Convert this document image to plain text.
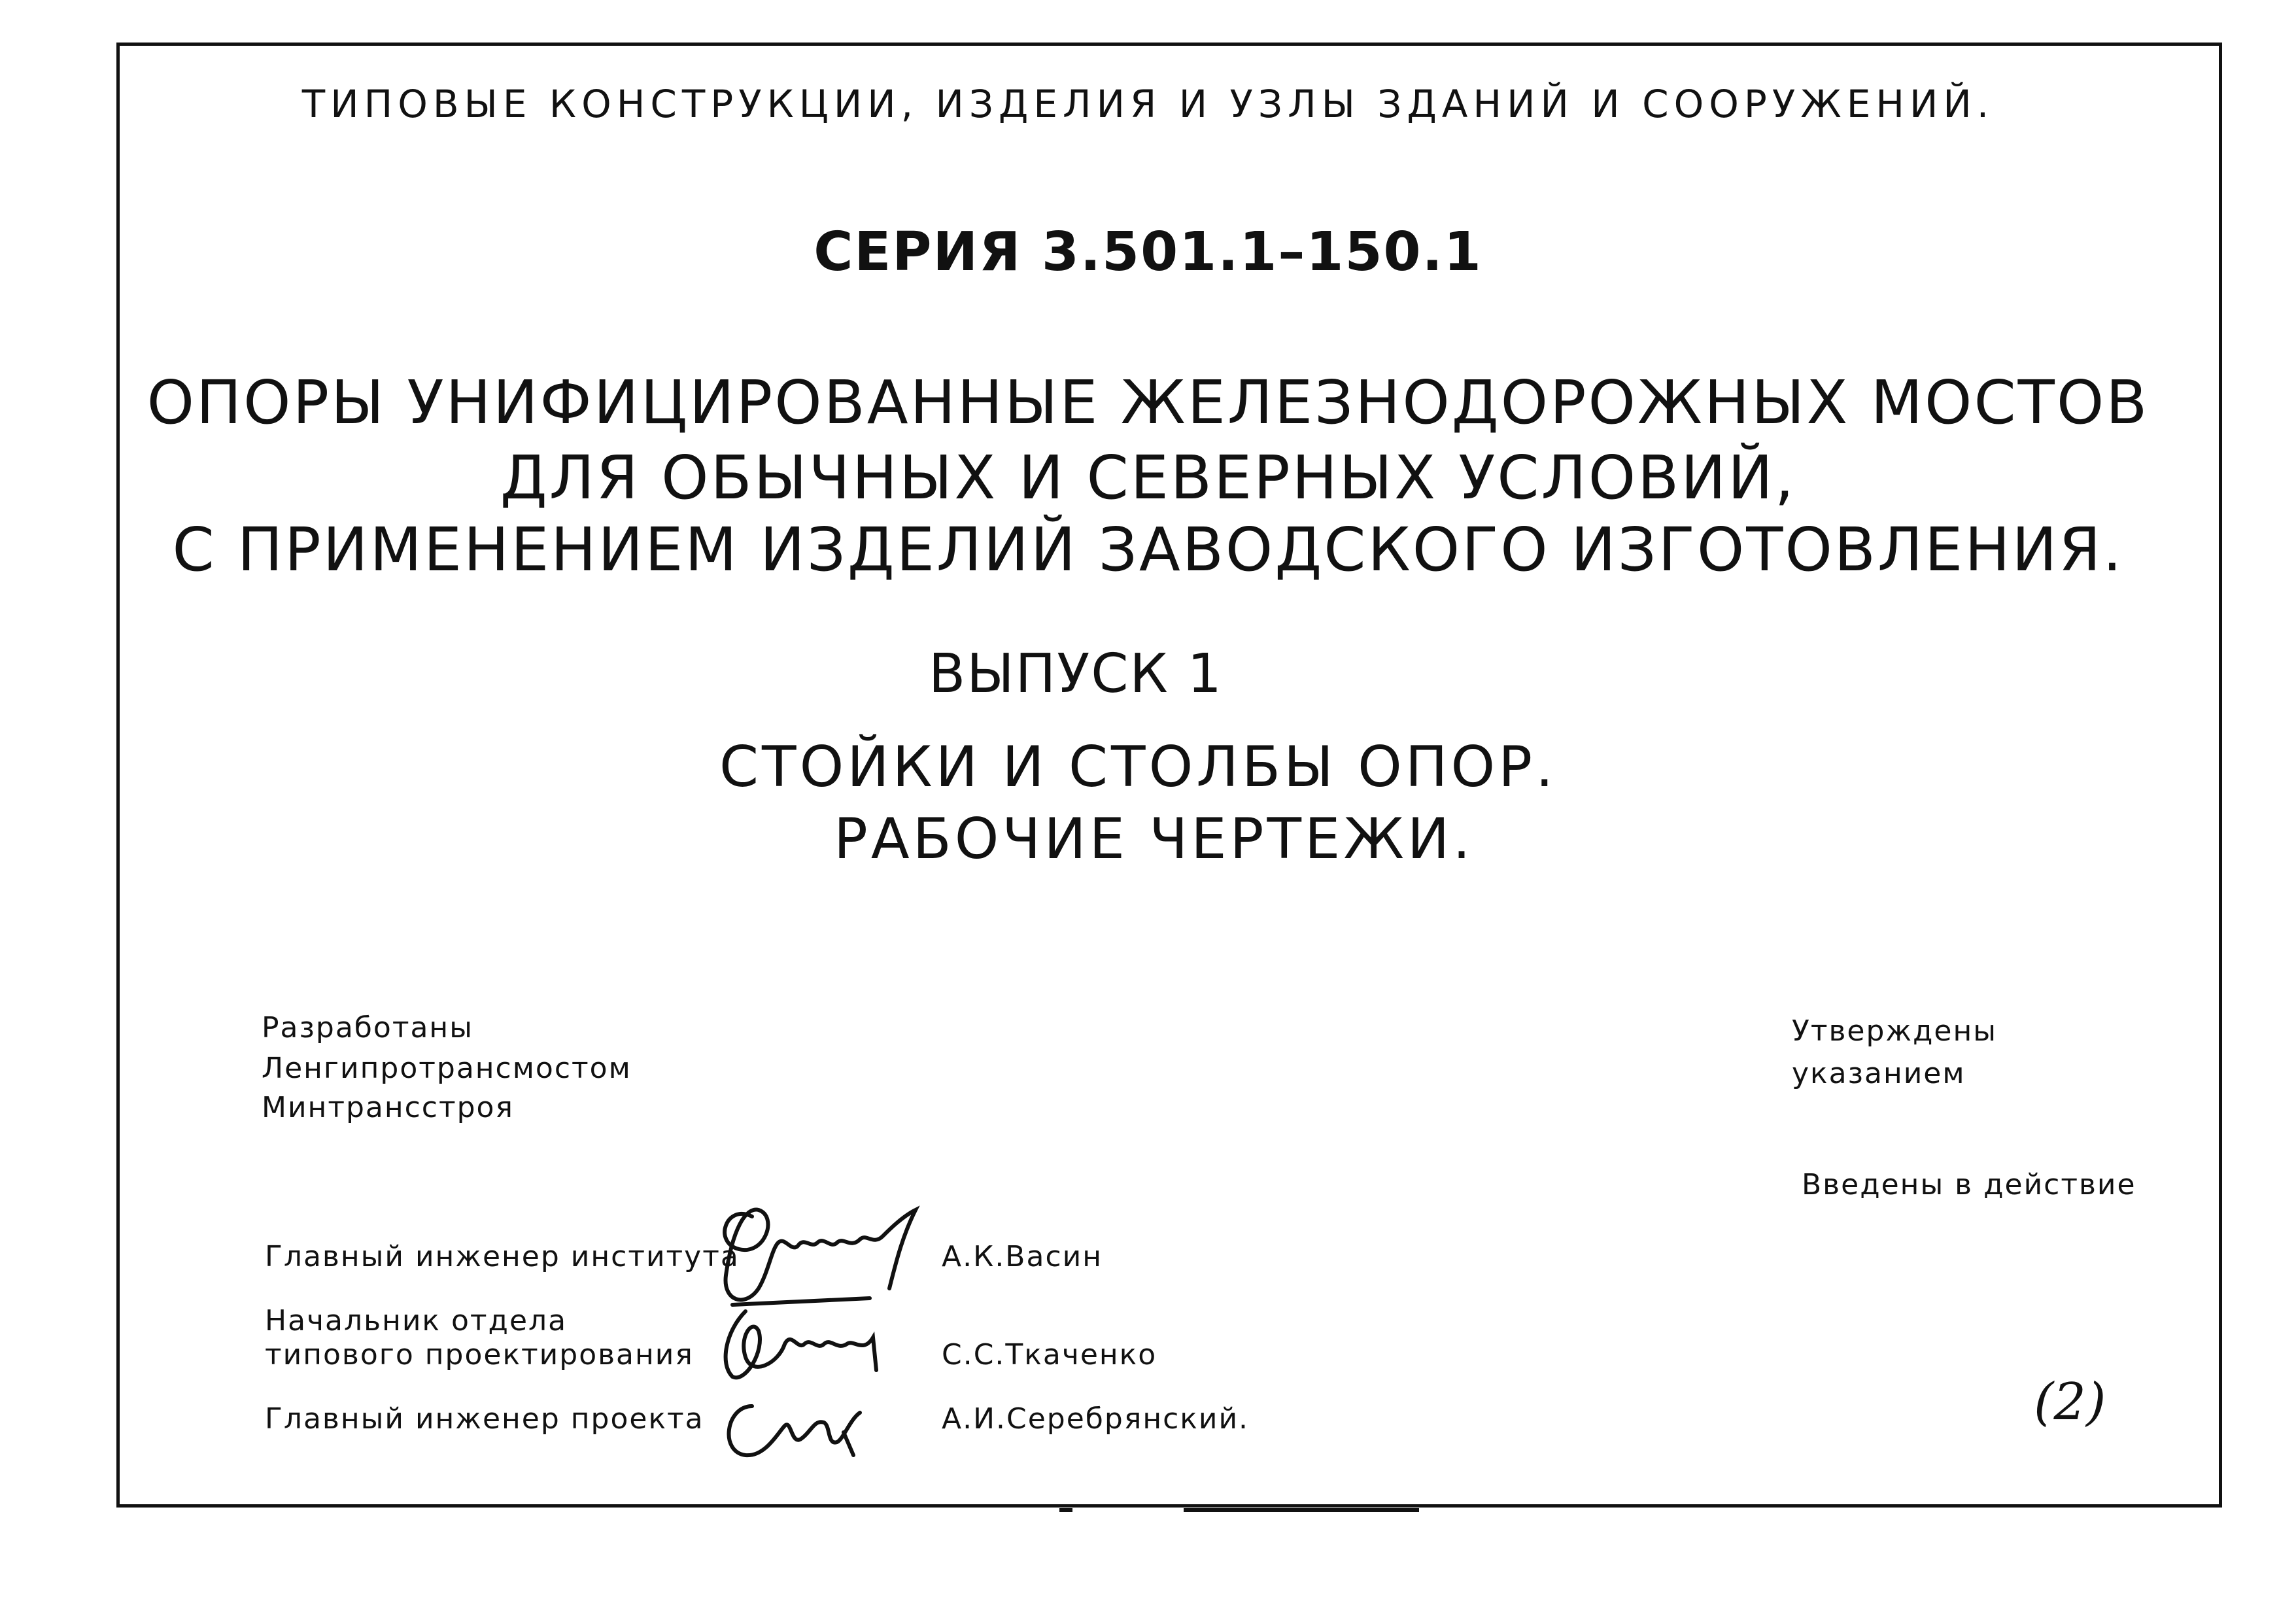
ТИПОВЫЕ КОНСТРУКЦИИ, ИЗДЕЛИЯ И УЗЛЫ ЗДАНИЙ И СООРУЖЕНИЙ.
СЕРИЯ 3.501.1–150.1
ОПОРЫ УНИФИЦИРОВАННЫЕ ЖЕЛЕЗНОДОРОЖНЫХ МОСТОВ
ДЛЯ ОБЫЧНЫХ И СЕВЕРНЫХ УСЛОВИЙ,
С ПРИМЕНЕНИЕМ ИЗДЕЛИЙ ЗАВОДСКОГО ИЗГОТОВЛЕНИЯ.
ВЫПУСК 1
СТОЙКИ И СТОЛБЫ ОПОР.
РАБОЧИЕ ЧЕРТЕЖИ.
Разработаны
Ленгипротрансмостом
Минтрансстроя
Утверждены
указанием
Введены в действие
Главный инженер института	А.К.Васин
Начальник отдела
типового проектирования	С.С.Ткаченко
Главный инженер проекта	А.И.Серебрянский.	(2)
